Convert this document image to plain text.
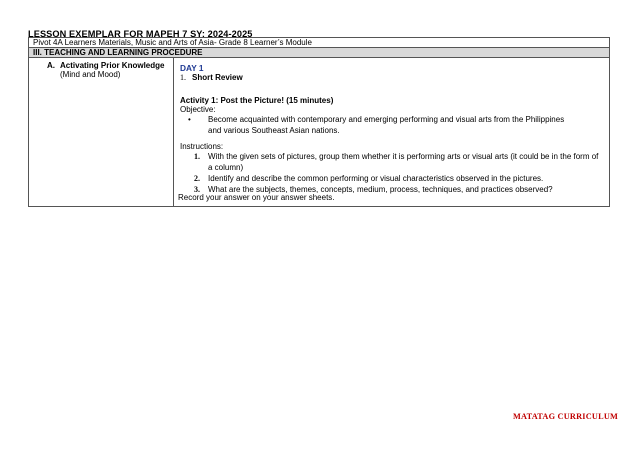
LESSON EXEMPLAR FOR MAPEH 7 SY: 2024-2025
Pivot 4A Learners Materials, Music and Arts of Asia- Grade 8 Learner’s Module
III. TEACHING AND LEARNING PROCEDURE
A. Activating Prior Knowledge
(Mind and Mood)
DAY 1
1. Short Review
Activity 1: Post the Picture! (15 minutes)
Objective:
• Become acquainted with contemporary and emerging performing and visual arts from the Philippines and various Southeast Asian nations.
Instructions:
1. With the given sets of pictures, group them whether it is performing arts or visual arts (it could be in the form of a column)
2. Identify and describe the common performing or visual characteristics observed in the pictures.
3. What are the subjects, themes, concepts, medium, process, techniques, and practices observed?
Record your answer on your answer sheets.
MATATAG CURRICULUM
